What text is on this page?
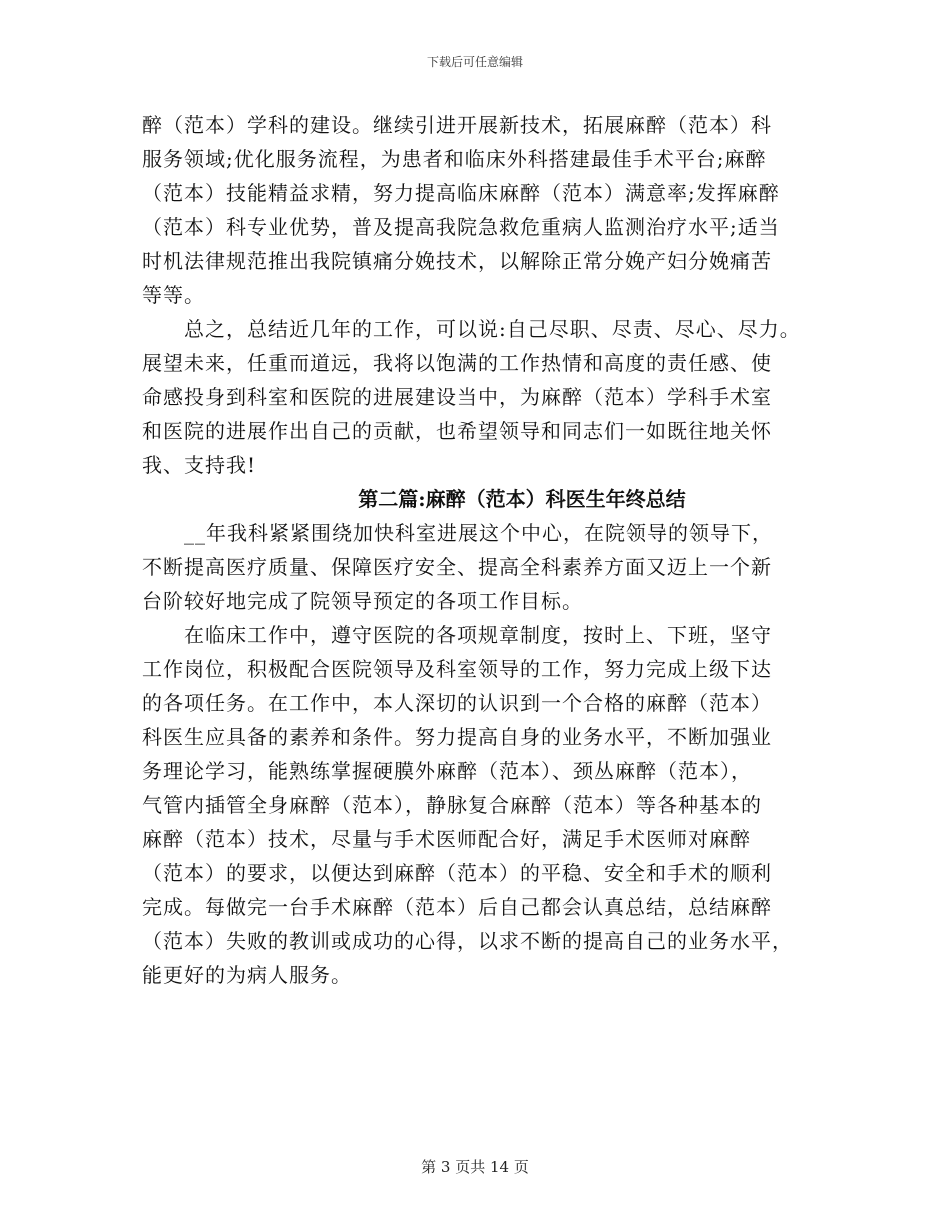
下载后可任意编辑
醉（范本）学科的建设。继续引进开展新技术，拓展麻醉（范本）科
服务领域;优化服务流程，为患者和临床外科搭建最佳手术平台;麻醉
（范本）技能精益求精，努力提高临床麻醉（范本）满意率;发挥麻醉
（范本）科专业优势，普及提高我院急救危重病人监测治疗水平;适当
时机法律规范推出我院镇痛分娩技术，以解除正常分娩产妇分娩痛苦
等等。
总之，总结近几年的工作，可以说:自己尽职、尽责、尽心、尽力。
展望未来，任重而道远，我将以饱满的工作热情和高度的责任感、使
命感投身到科室和医院的进展建设当中，为麻醉（范本）学科手术室
和医院的进展作出自己的贡献，也希望领导和同志们一如既往地关怀
我、支持我!
第二篇:麻醉（范本）科医生年终总结
__年我科紧紧围绕加快科室进展这个中心，在院领导的领导下，
不断提高医疗质量、保障医疗安全、提高全科素养方面又迈上一个新
台阶较好地完成了院领导预定的各项工作目标。
在临床工作中，遵守医院的各项规章制度，按时上、下班，坚守
工作岗位，积极配合医院领导及科室领导的工作，努力完成上级下达
的各项任务。在工作中，本人深切的认识到一个合格的麻醉（范本）
科医生应具备的素养和条件。努力提高自身的业务水平，不断加强业
务理论学习，能熟练掌握硬膜外麻醉（范本）、颈丛麻醉（范本），
气管内插管全身麻醉（范本），静脉复合麻醉（范本）等各种基本的
麻醉（范本）技术，尽量与手术医师配合好，满足手术医师对麻醉
（范本）的要求，以便达到麻醉（范本）的平稳、安全和手术的顺利
完成。每做完一台手术麻醉（范本）后自己都会认真总结，总结麻醉
（范本）失败的教训或成功的心得，以求不断的提高自己的业务水平，
能更好的为病人服务。
第 3 页共 14 页
